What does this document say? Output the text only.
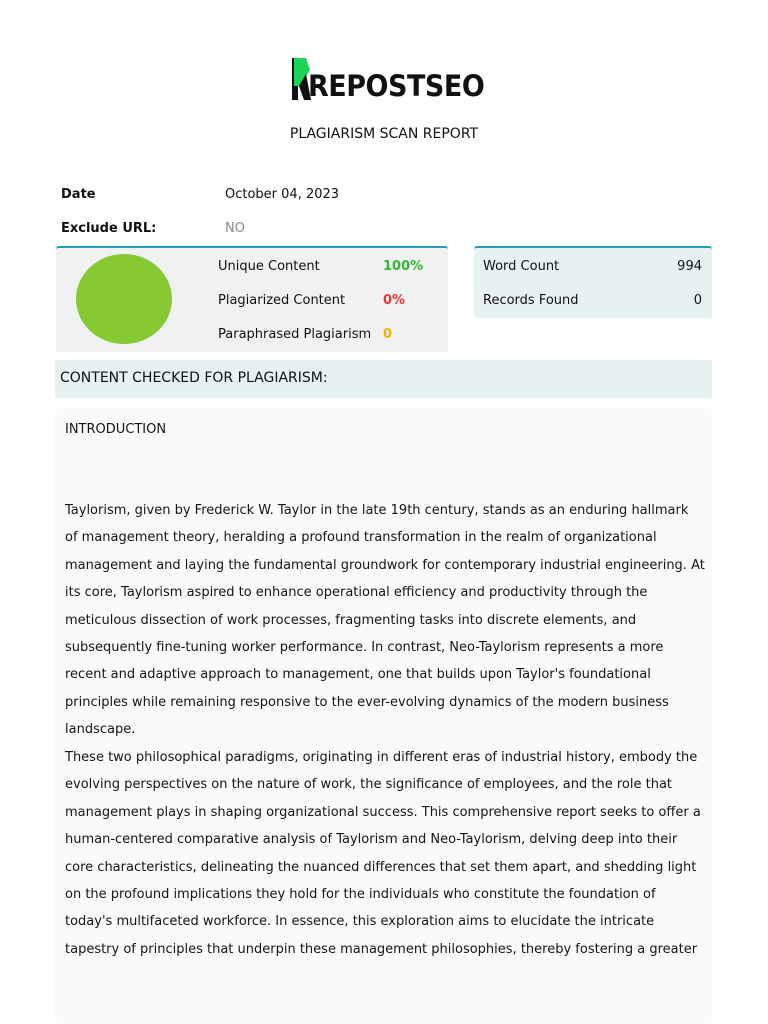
REPOSTSEO
PLAGIARISM SCAN REPORT
Date	October 04, 2023
Exclude URL:	NO
Unique Content	100%
Plagiarized Content	0%
Paraphrased Plagiarism 0
Word Count	994
Records Found	0
CONTENT CHECKED FOR PLAGIARISM:

INTRODUCTION

Taylorism, given by Frederick W. Taylor in the late 19th century, stands as an enduring hallmark of management theory, heralding a profound transformation in the realm of organizational management and laying the fundamental groundwork for contemporary industrial engineering. At its core, Taylorism aspired to enhance operational efficiency and productivity through the meticulous dissection of work processes, fragmenting tasks into discrete elements, and subsequently fine-tuning worker performance. In contrast, Neo-Taylorism represents a more recent and adaptive approach to management, one that builds upon Taylor's foundational principles while remaining responsive to the ever-evolving dynamics of the modern business landscape.

These two philosophical paradigms, originating in different eras of industrial history, embody the evolving perspectives on the nature of work, the significance of employees, and the role that management plays in shaping organizational success. This comprehensive report seeks to offer a human-centered comparative analysis of Taylorism and Neo-Taylorism, delving deep into their core characteristics, delineating the nuanced differences that set them apart, and shedding light on the profound implications they hold for the individuals who constitute the foundation of today's multifaceted workforce. In essence, this exploration aims to elucidate the intricate tapestry of principles that underpin these management philosophies, thereby fostering a greater
